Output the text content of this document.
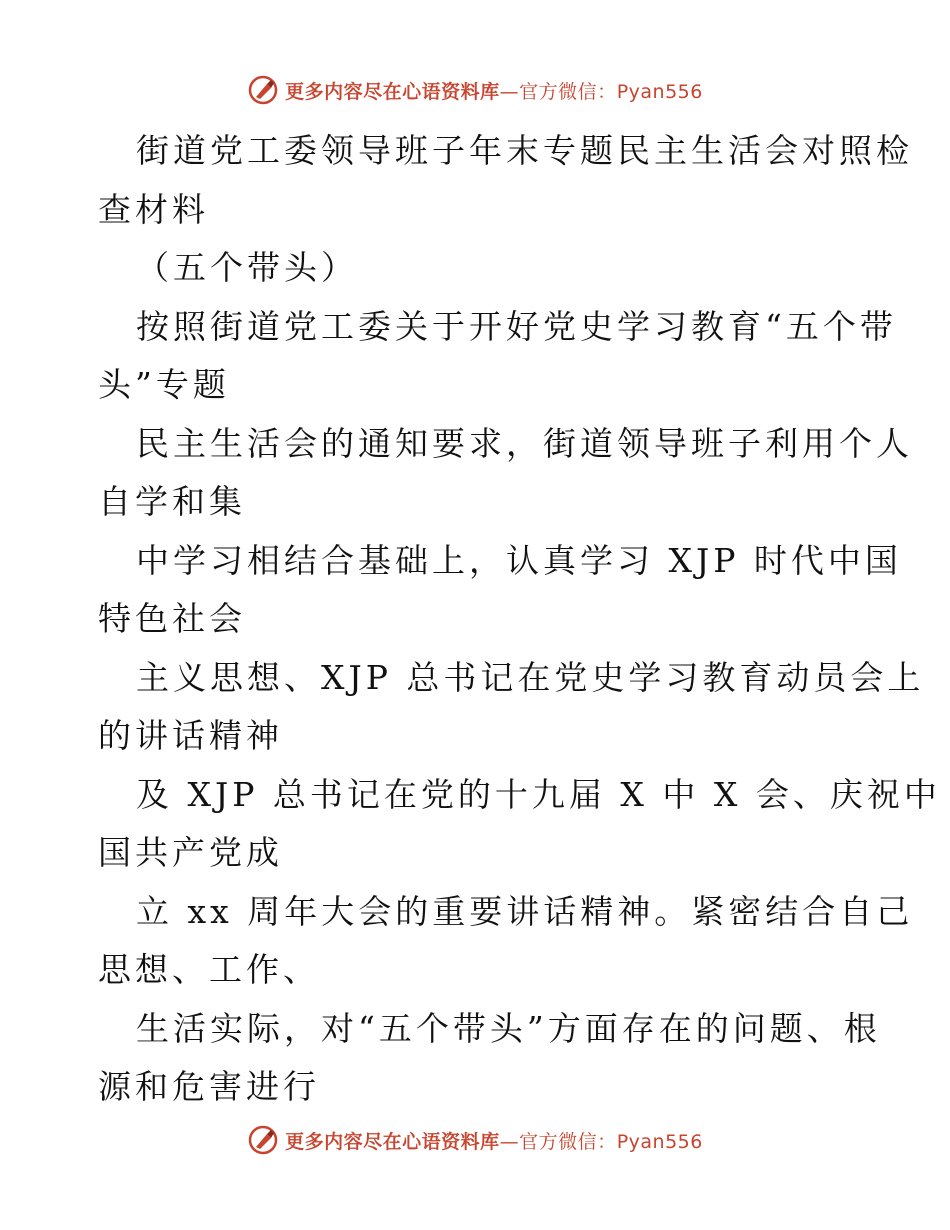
更多内容尽在心语资料库—官方微信：Pyan556
街道党工委领导班子年末专题民主生活会对照检
查材料
（五个带头）
按照街道党工委关于开好党史学习教育“五个带
头”专题
民主生活会的通知要求，街道领导班子利用个人
自学和集
中学习相结合基础上，认真学习 XJP 时代中国
特色社会
主义思想、XJP 总书记在党史学习教育动员会上
的讲话精神
及 XJP 总书记在党的十九届 X 中 X 会、庆祝中
国共产党成
立 xx 周年大会的重要讲话精神。紧密结合自己
思想、工作、
生活实际，对“五个带头”方面存在的问题、根
源和危害进行
更多内容尽在心语资料库—官方微信：Pyan556
